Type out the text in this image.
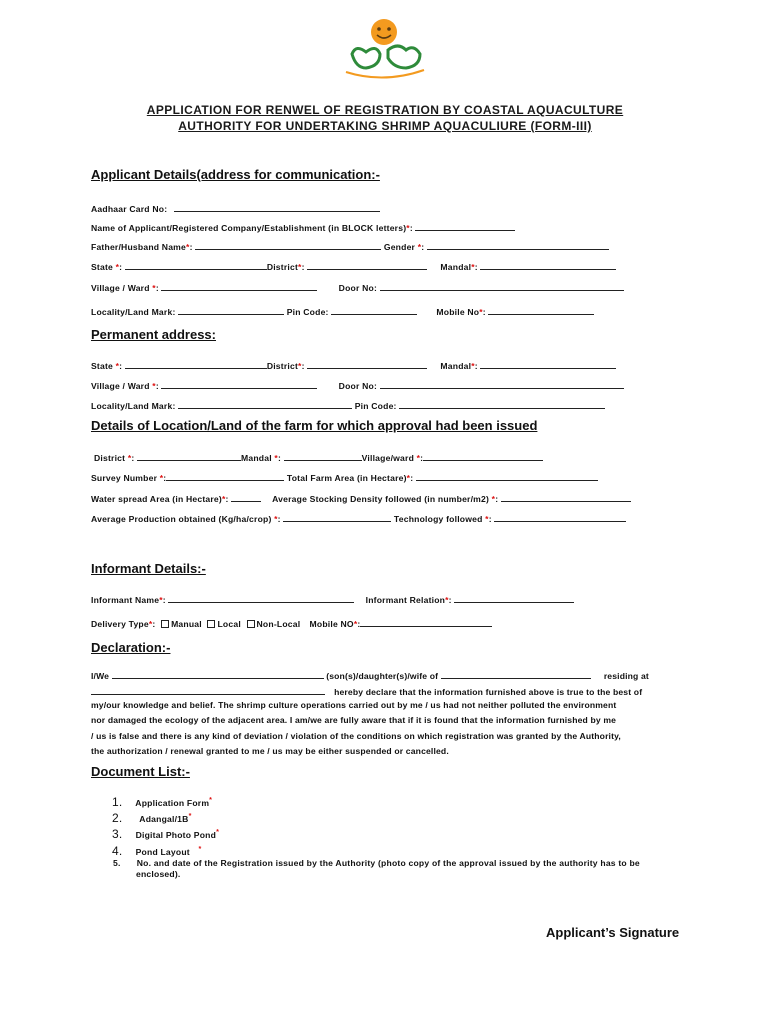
APPLICATION FOR RENWEL OF REGISTRATION BY COASTAL AQUACULTURE
AUTHORITY FOR UNDERTAKING SHRIMP AQUACULIURE (FORM-III)
Applicant Details(address for communication:-
Aadhaar Card No:
Name of Applicant/Registered Company/Establishment (in BLOCK letters)*:
Father/Husband Name*:	Gender *:
State *:	District*:	Mandal*:
Village / Ward *:	Door No:
Locality/Land Mark:	Pin Code:	Mobile No*:
Permanent address:
State *:	District*:	Mandal*:
Village / Ward *:	Door No:
Locality/Land Mark:	Pin Code:
Details of Location/Land of the farm for which approval had been issued
District *:	Mandal *:	Village/ward *:
Survey Number *:	Total Farm Area (in Hectare)*:
Water spread Area (in Hectare)*:	Average Stocking Density followed (in number/m2) *:
Average Production obtained (Kg/ha/crop) *:	Technology followed *:
Informant Details:-
Informant Name*:	Informant Relation*:
Delivery Type*: Manual Local Non-Local Mobile NO*:
Declaration:-
I/We	(son(s)/daughter(s)/wife of	residing at
hereby declare that the information furnished above is true to the best of
my/our knowledge and belief. The shrimp culture operations carried out by me / us had not neither polluted the environment
nor damaged the ecology of the adjacent area. I am/we are fully aware that if it is found that the information furnished by me
/ us is false and there is any kind of deviation / violation of the conditions on which registration was granted by the Authority,
the authorization / renewal granted to me / us may be either suspended or cancelled.
Document List:-
1. Application Form*
2. Adangal/1B*
3. Digital Photo Pond*
4. Pond Layout *
5. No. and date of the Registration issued by the Authority (photo copy of the approval issued by the authority has to be
enclosed).
Applicant’s Signature
